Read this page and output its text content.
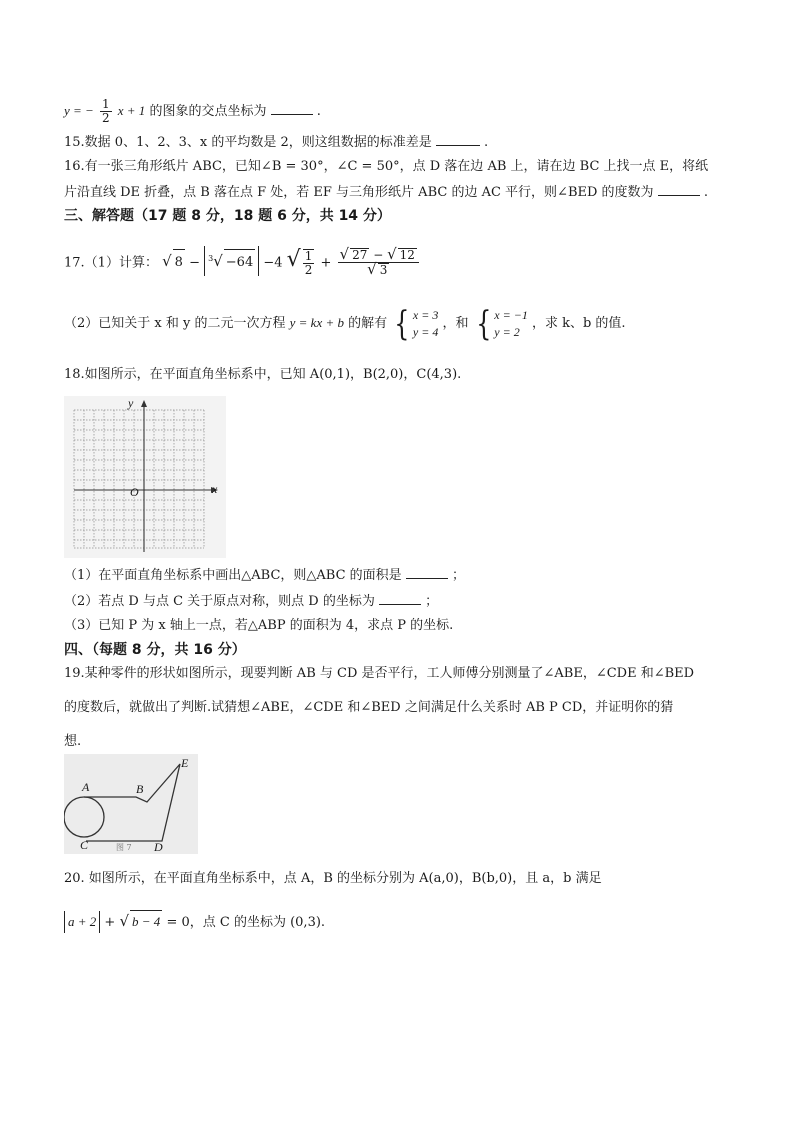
y = − $\frac{1}{2}$ x + 1 的图象的交点坐标为	.
15.数据 0、1、2、3、x 的平均数是 2，则这组数据的标准差是	.
16.有一张三角形纸片 ABC，已知∠B = 30°，∠C = 50°，点 D 落在边 AB 上，请在边 BC 上找一点 E，将纸
片沿直线 DE 折叠，点 B 落在点 F 处，若 EF 与三角形纸片 ABC 的边 AC 平行，则∠BED 的度数为	.
三、解答题（17 题 8 分，18 题 6 分，共 14 分）
17.（1）计算： √ 8 − $^3$√ −64 −4 √ $\frac{1}{2} + \frac{√ 27 - √ 12}{√ 3}$
（2）已知关于 x 和 y 的二元一次方程 y = kx + b 的解有 { x = 3
y = 4
，和 { x = −1
y = 2
，求 k、b 的值.
18.如图所示，在平面直角坐标系中，已知 A(0,1)，B(2,0)，C(4,3).
y
x
O
（1）在平面直角坐标系中画出△ABC，则△ABC 的面积是	；
（2）若点 D 与点 C 关于原点对称，则点 D 的坐标为	；
（3）已知 P 为 x 轴上一点，若△ABP 的面积为 4，求点 P 的坐标.
四、（每题 8 分，共 16 分）
19.某种零件的形状如图所示，现要判断 AB 与 CD 是否平行，工人师傅分别测量了∠ABE，∠CDE 和∠BED
的度数后，就做出了判断.试猜想∠ABE，∠CDE 和∠BED 之间满足什么关系时 AB P CD，并证明你的猜
想.
A	B
C	D
E
图 7
20. 如图所示，在平面直角坐标系中，点 A，B 的坐标分别为 A(a,0)，B(b,0)，且 a，b 满足
a + 2 + √ b − 4 = 0，点 C 的坐标为 (0,3).
